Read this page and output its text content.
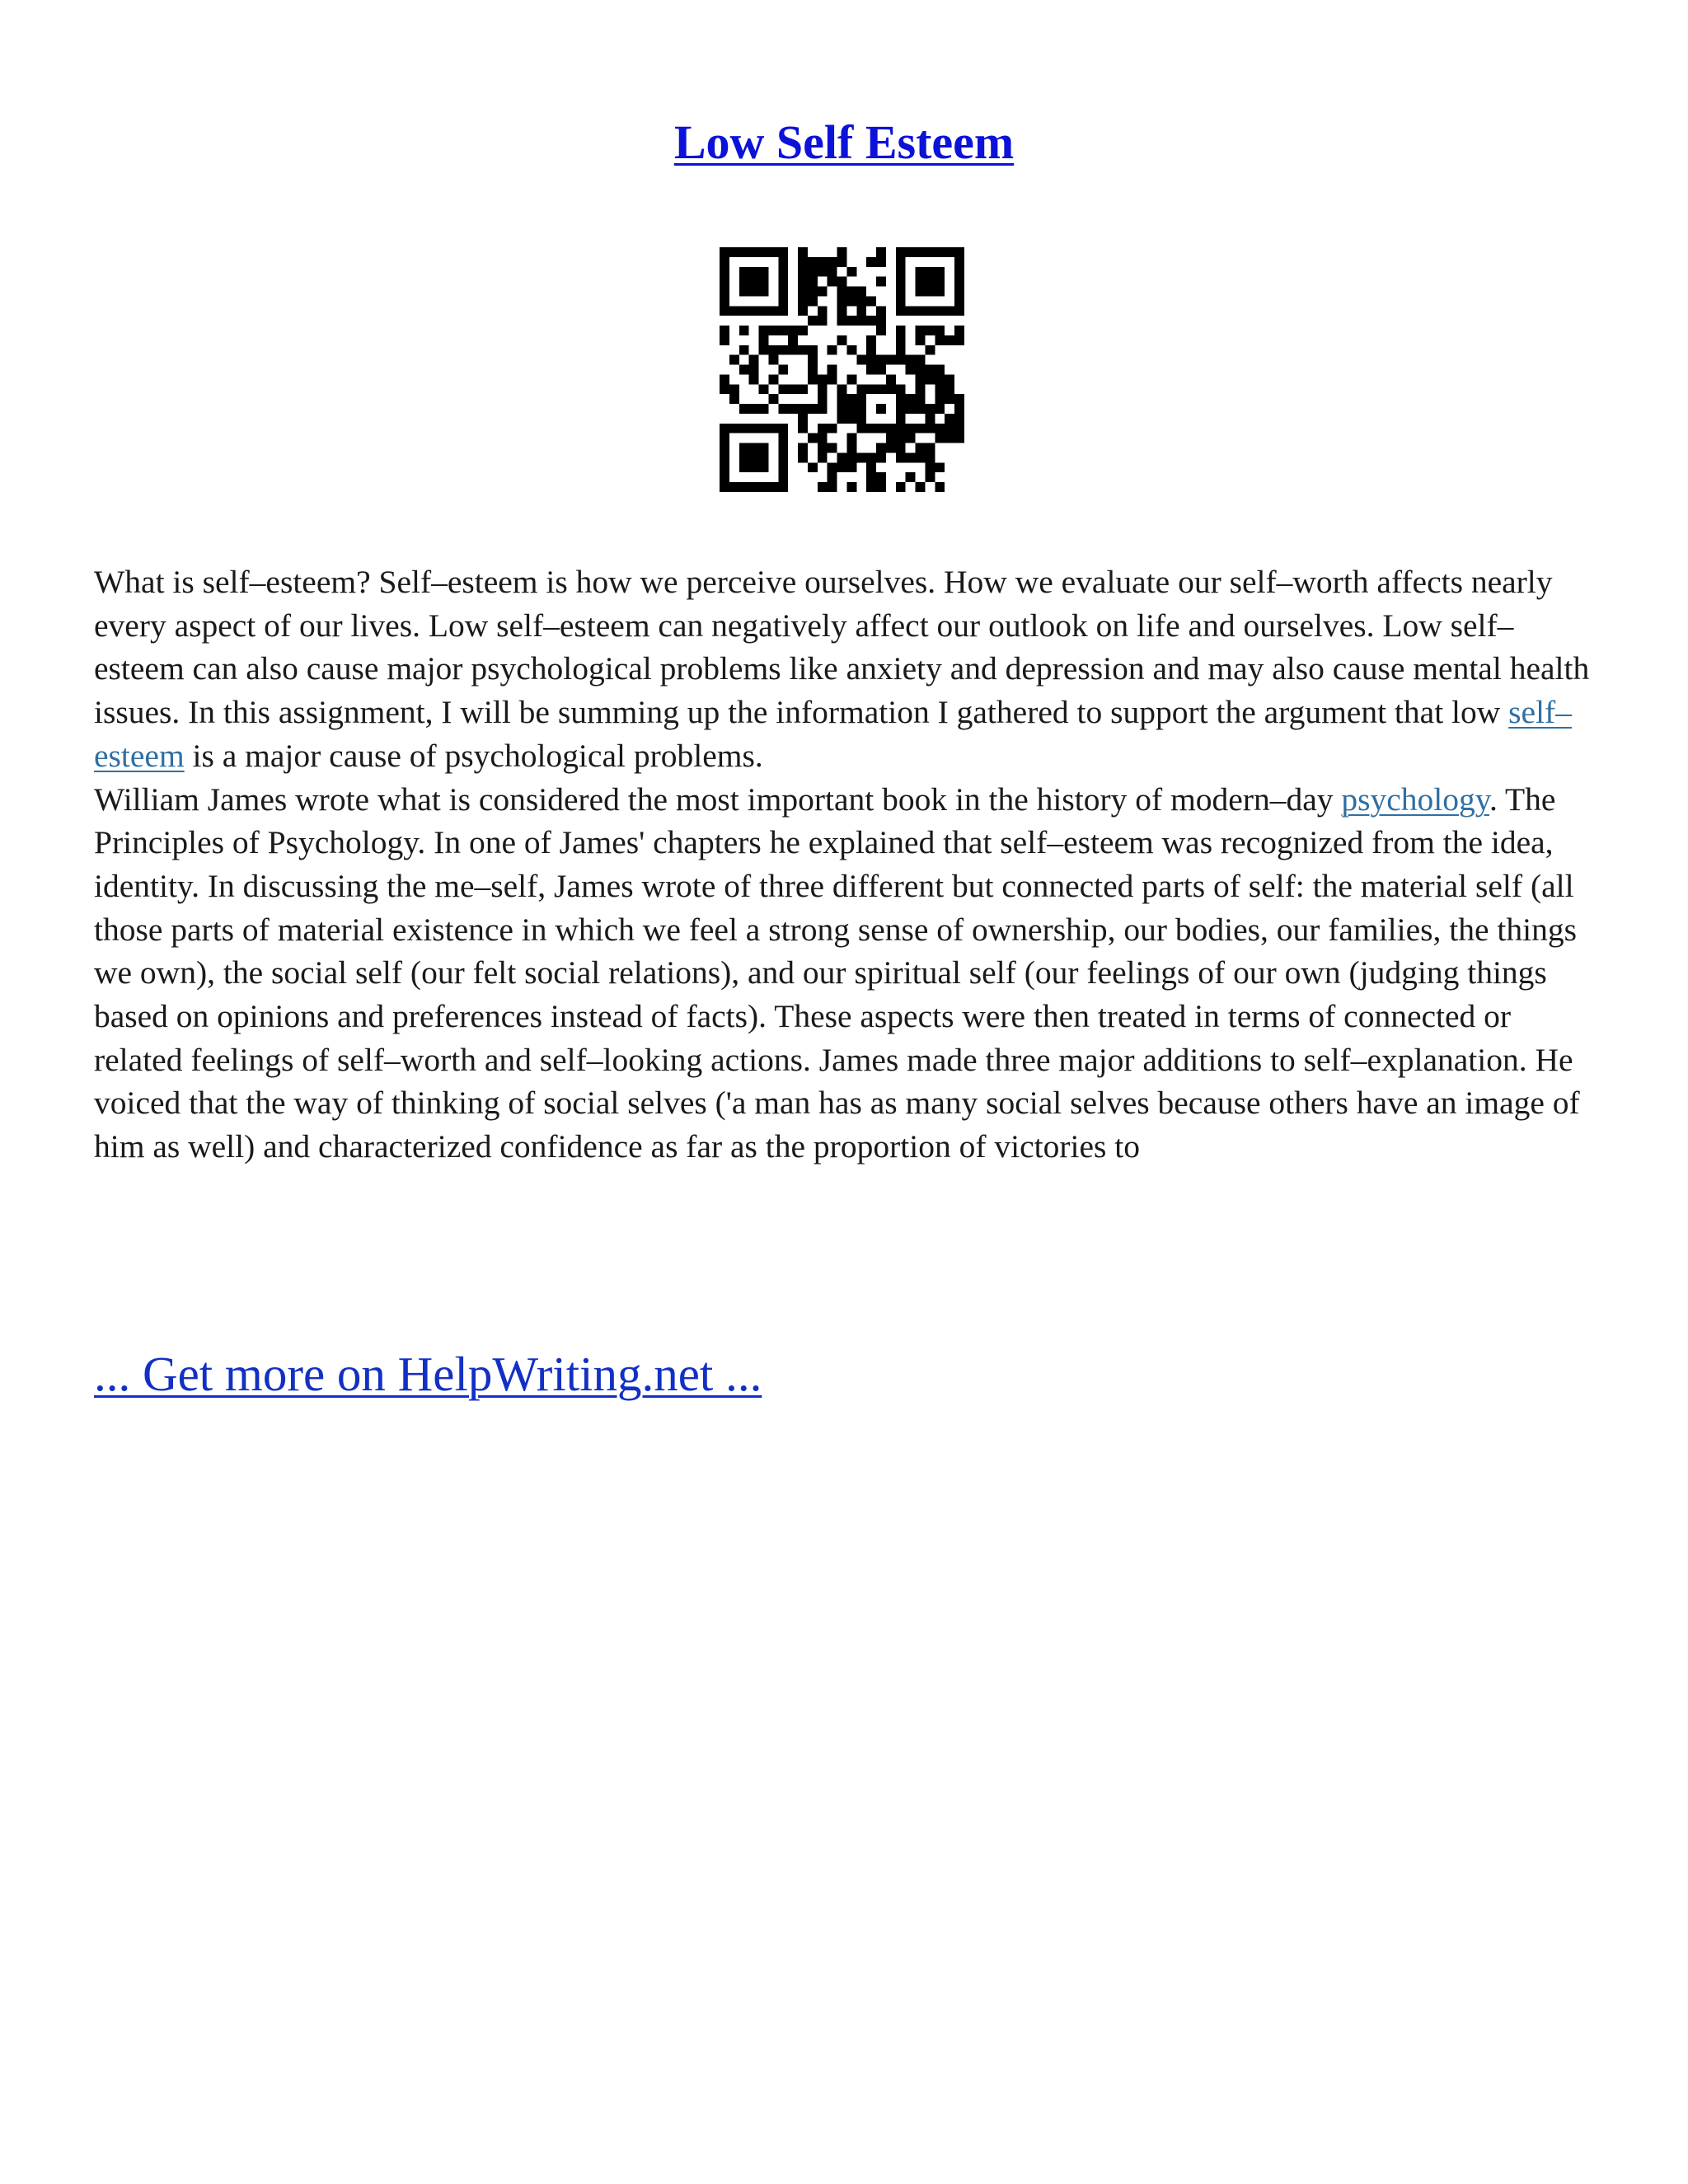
Low Self Esteem

What is self–esteem? Self–esteem is how we perceive ourselves. How we evaluate our self–worth affects nearly every aspect of our lives. Low self–esteem can negatively affect our outlook on life and ourselves. Low self–esteem can also cause major psychological problems like anxiety and depression and may also cause mental health issues. In this assignment, I will be summing up the information I gathered to support the argument that low self–esteem is a major cause of psychological problems.

William James wrote what is considered the most important book in the history of modern–day psychology. The Principles of Psychology. In one of James' chapters he explained that self–esteem was recognized from the idea, identity. In discussing the me–self, James wrote of three different but connected parts of self: the material self (all those parts of material existence in which we feel a strong sense of ownership, our bodies, our families, the things we own), the social self (our felt social relations), and our spiritual self (our feelings of our own (judging things based on opinions and preferences instead of facts). These aspects were then treated in terms of connected or related feelings of self–worth and self–looking actions. James made three major additions to self–explanation. He voiced that the way of thinking of social selves ('a man has as many social selves because others have an image of him as well) and characterized confidence as far as the proportion of victories to

... Get more on HelpWriting.net ...
